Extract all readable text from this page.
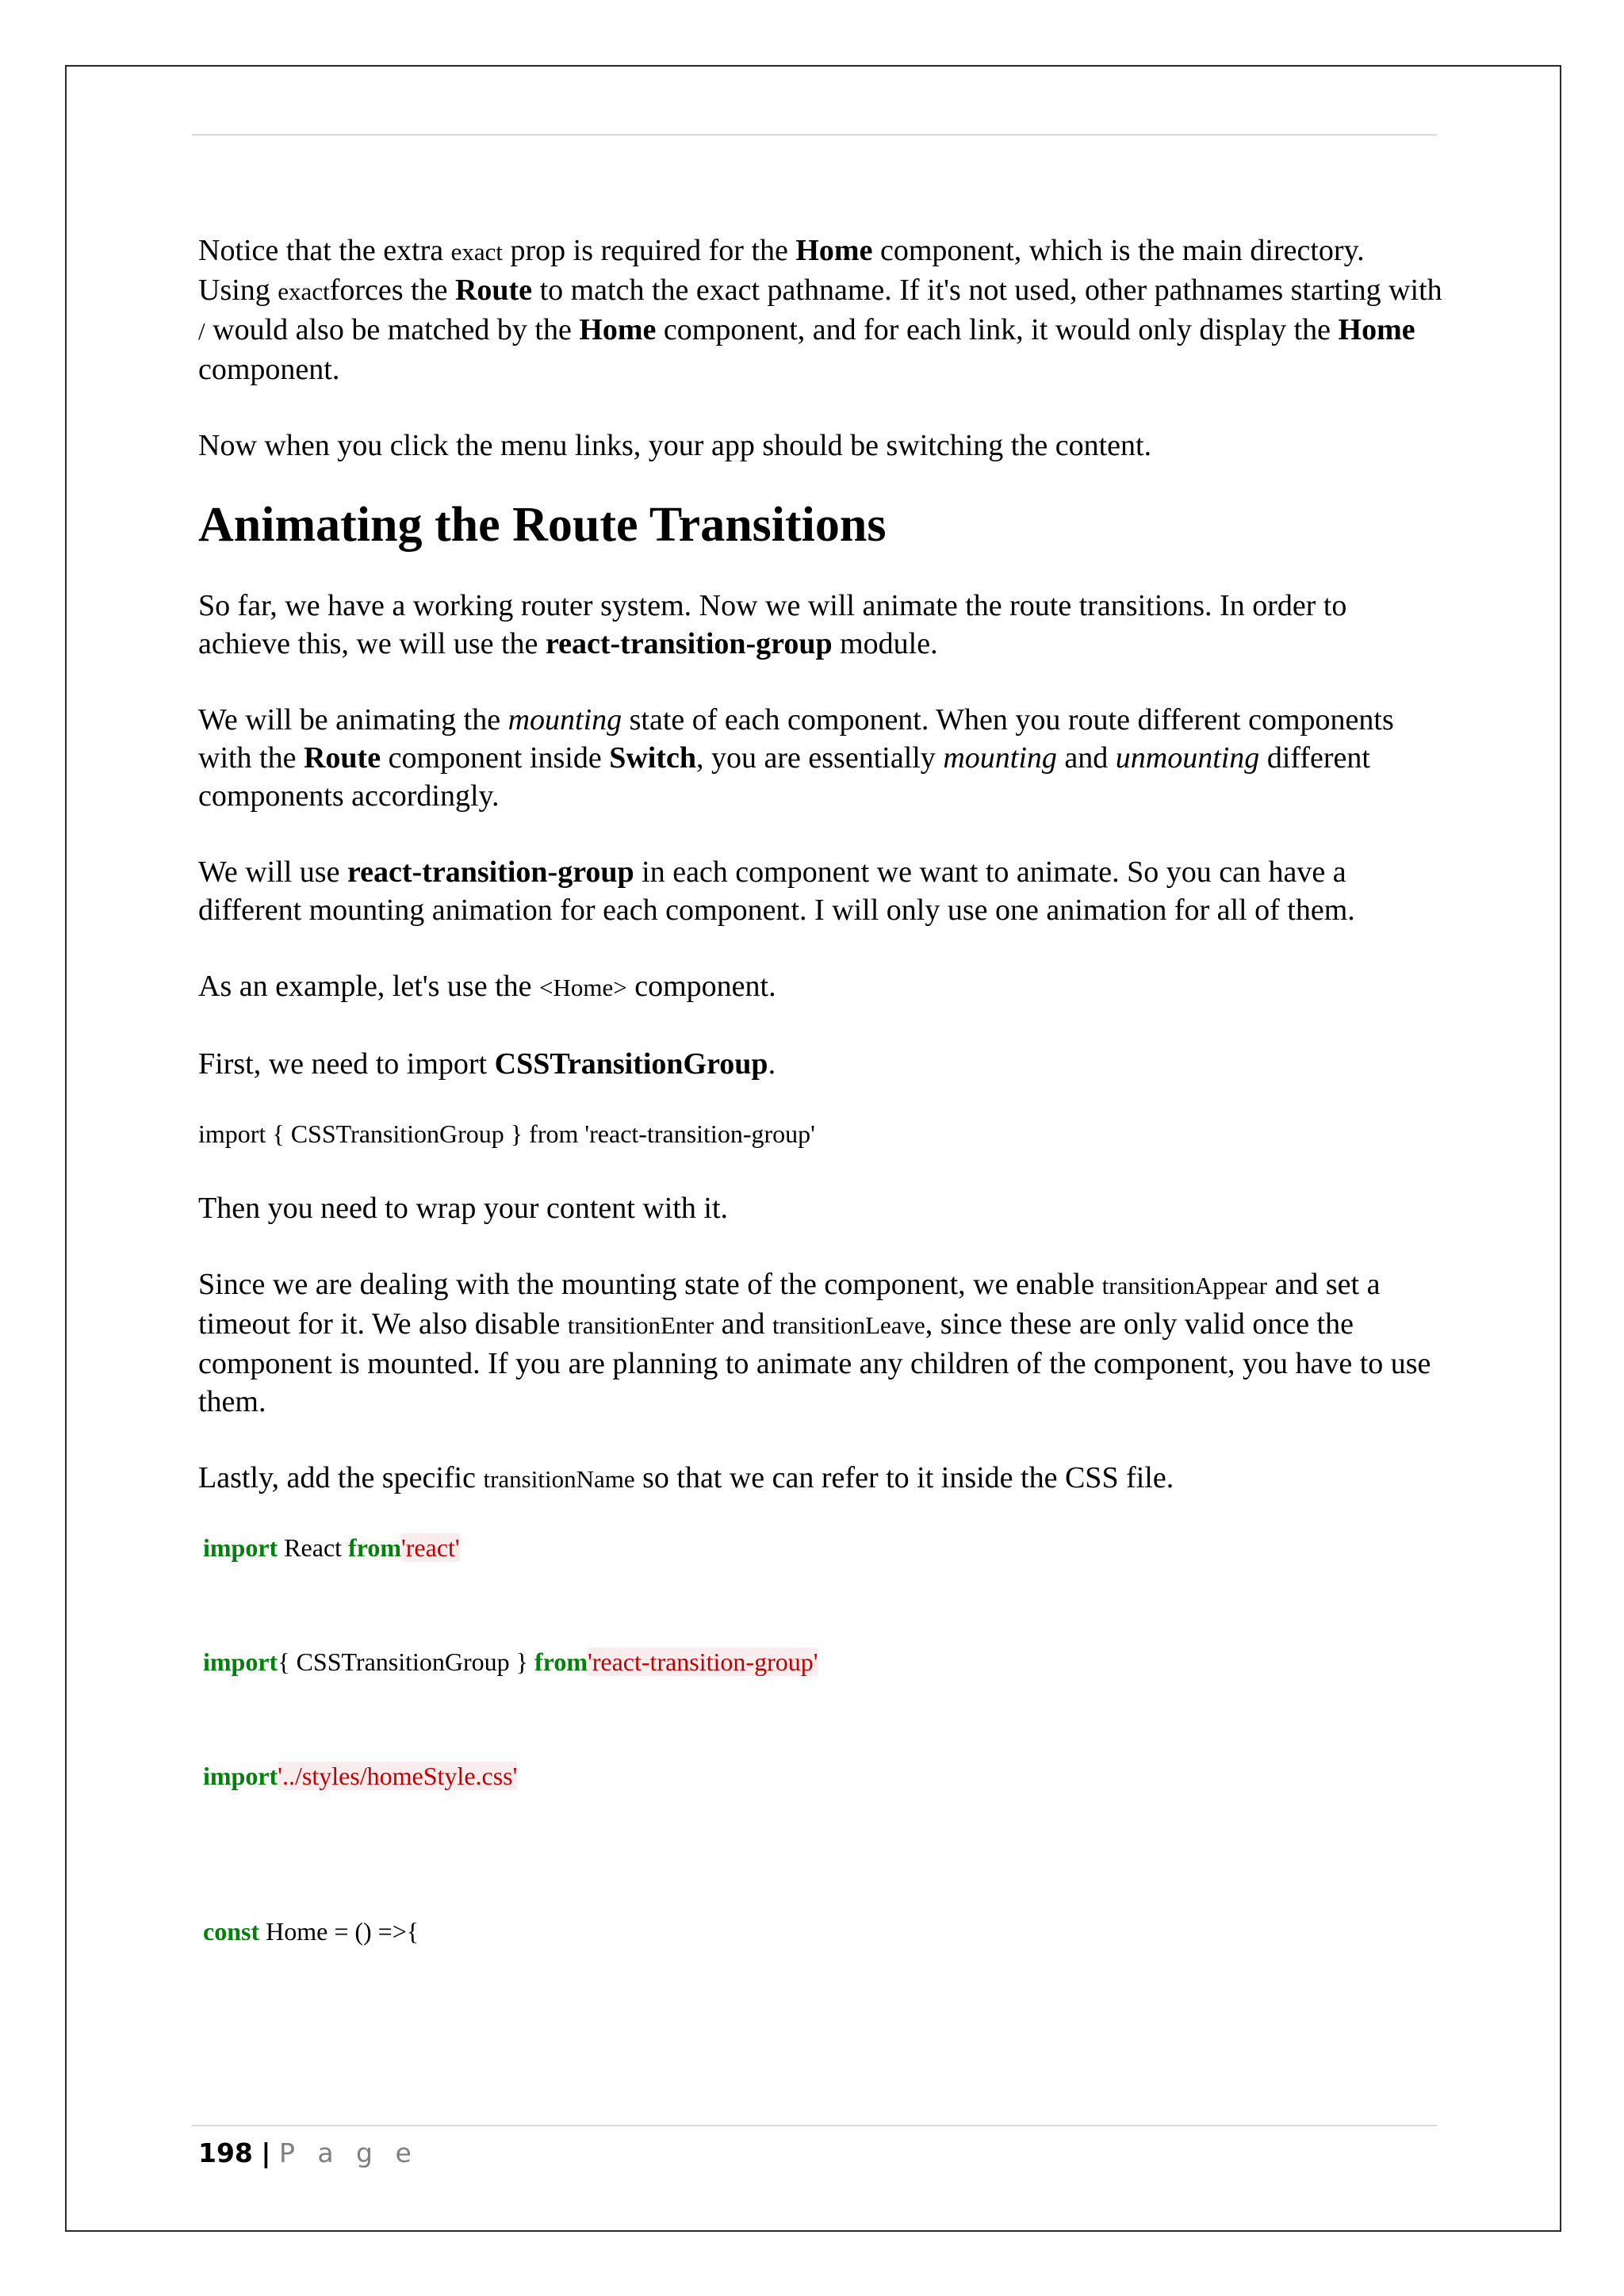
Notice that the extra exact prop is required for the Home component, which is the main directory. Using exactforces the Route to match the exact pathname. If it's not used, other pathnames starting with / would also be matched by the Home component, and for each link, it would only display the Home component.

Now when you click the menu links, your app should be switching the content.

Animating the Route Transitions

So far, we have a working router system. Now we will animate the route transitions. In order to achieve this, we will use the react-transition-group module.

We will be animating the mounting state of each component. When you route different components with the Route component inside Switch, you are essentially mounting and unmounting different components accordingly.

We will use react-transition-group in each component we want to animate. So you can have a different mounting animation for each component. I will only use one animation for all of them.

As an example, let's use the <Home> component.

First, we need to import CSSTransitionGroup.

import { CSSTransitionGroup } from 'react-transition-group'

Then you need to wrap your content with it.

Since we are dealing with the mounting state of the component, we enable transitionAppear and set a timeout for it. We also disable transitionEnter and transitionLeave, since these are only valid once the component is mounted. If you are planning to animate any children of the component, you have to use them.

Lastly, add the specific transitionName so that we can refer to it inside the CSS file.

import React from'react'
import{ CSSTransitionGroup } from'react-transition-group'
import'../styles/homeStyle.css'
const Home = () =>{
198 | P a g e
